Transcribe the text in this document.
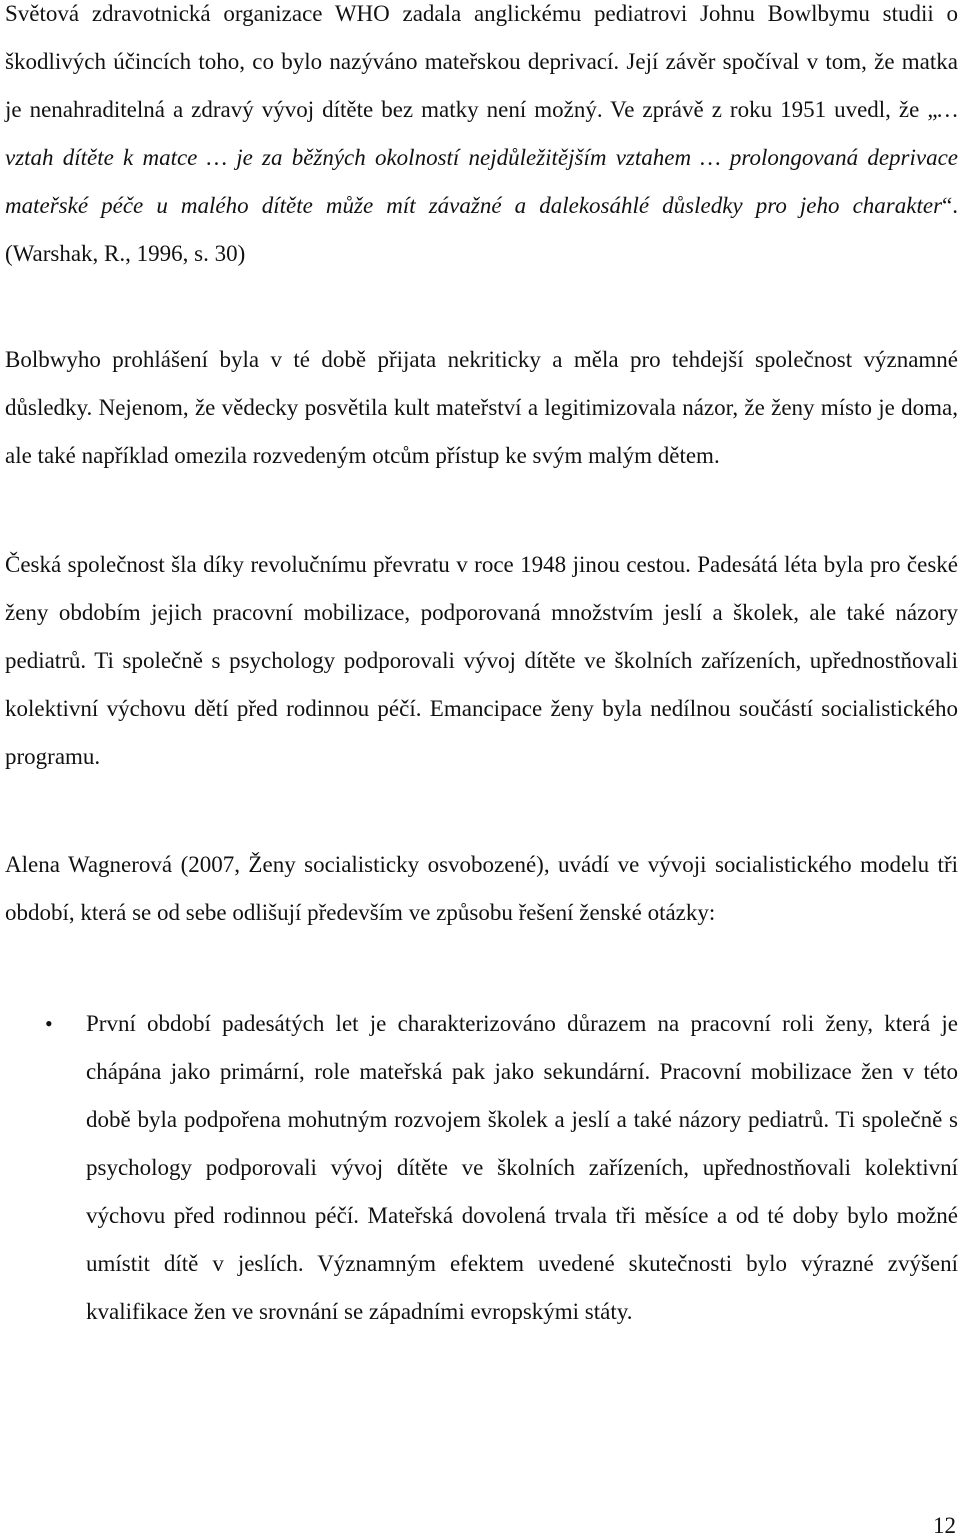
Světová zdravotnická organizace WHO zadala anglickému pediatrovi Johnu Bowlbymu studii o škodlivých účincích toho, co bylo nazýváno mateřskou deprivací. Její závěr spočíval v tom, že matka je nenahraditelná a zdravý vývoj dítěte bez matky není možný. Ve zprávě z roku 1951 uvedl, že „… vztah dítěte k matce … je za běžných okolností nejdůležitějším vztahem … prolongovaná deprivace mateřské péče u malého dítěte může mít závažné a dalekosáhlé důsledky pro jeho charakter“. (Warshak, R., 1996, s. 30)

Bolbwyho prohlášení byla v té době přijata nekriticky a měla pro tehdejší společnost významné důsledky. Nejenom, že vědecky posvětila kult mateřství a legitimizovala názor, že ženy místo je doma, ale také například omezila rozvedeným otcům přístup ke svým malým dětem.

Česká společnost šla díky revolučnímu převratu v roce 1948 jinou cestou. Padesátá léta byla pro české ženy obdobím jejich pracovní mobilizace, podporovaná množstvím jeslí a školek, ale také názory pediatrů. Ti společně s psychology podporovali vývoj dítěte ve školních zařízeních, upřednostňovali kolektivní výchovu dětí před rodinnou péčí. Emancipace ženy byla nedílnou součástí socialistického programu.

Alena Wagnerová (2007, Ženy socialisticky osvobozené), uvádí ve vývoji socialistického modelu tři období, která se od sebe odlišují především ve způsobu řešení ženské otázky:

• První období padesátých let je charakterizováno důrazem na pracovní roli ženy, která je chápána jako primární, role mateřská pak jako sekundární. Pracovní mobilizace žen v této době byla podpořena mohutným rozvojem školek a jeslí a také názory pediatrů. Ti společně s psychology podporovali vývoj dítěte ve školních zařízeních, upřednostňovali kolektivní výchovu před rodinnou péčí. Mateřská dovolená trvala tři měsíce a od té doby bylo možné umístit dítě v jeslích. Významným efektem uvedené skutečnosti bylo výrazné zvýšení kvalifikace žen ve srovnání se západními evropskými státy.
12
